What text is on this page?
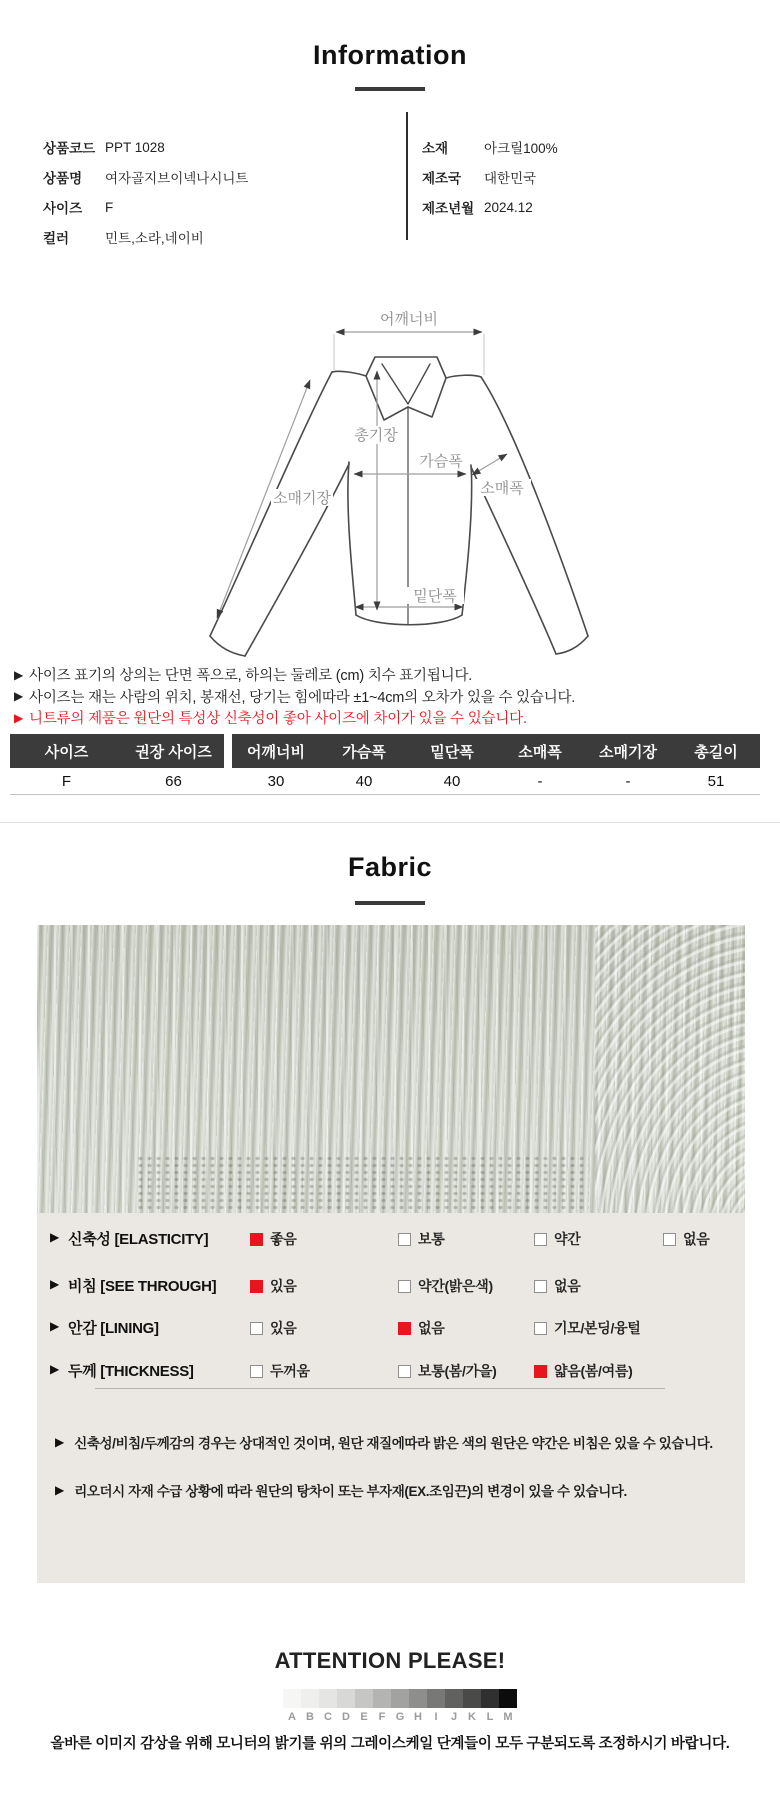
Information
상품코드 PPT 1028
상품명	여자골지브이넥나시니트
사이즈	F
컬러	민트,소라,네이비
소재	아크릴100%
제조국	대한민국
제조년월 2024.12
어깨너비
총기장
가슴폭
밑단폭
소매기장
소매폭
▶ 사이즈 표기의 상의는 단면 폭으로, 하의는 둘레로 (cm) 치수 표기됩니다.
▶ 사이즈는 재는 사람의 위치, 봉재선, 당기는 힘에따라 ±1~4cm의 오차가 있을 수 있습니다.
▶ 니트류의 제품은 원단의 특성상 신축성이 좋아 사이즈에 차이가 있을 수 있습니다.
사이즈	권장 사이즈	어깨너비	가슴폭	밑단폭	소매폭	소매기장	총길이
F	66	30	40	40	-	-	51
Fabric
▶ 신축성 [ELASTICITY]	좋음	보통	약간	없음
▶ 비침 [SEE THROUGH]	있음	약간(밝은색)	없음
▶ 안감 [LINING]	있음	없음	기모/본딩/융털
▶ 두께 [THICKNESS]	두꺼움	보통(봄/가을)	얇음(봄/여름)
▶ 신축성/비침/두께감의 경우는 상대적인 것이며, 원단 재질에따라 밝은 색의 원단은 약간은 비침은 있을 수 있습니다.
▶ 리오더시 자재 수급 상황에 따라 원단의 탕차이 또는 부자재(EX.조임끈)의 변경이 있을 수 있습니다.
ATTENTION PLEASE!
A B C D E F G H	I	J K L M
올바른 이미지 감상을 위해 모니터의 밝기를 위의 그레이스케일 단계들이 모두 구분되도록 조정하시기 바랍니다.
